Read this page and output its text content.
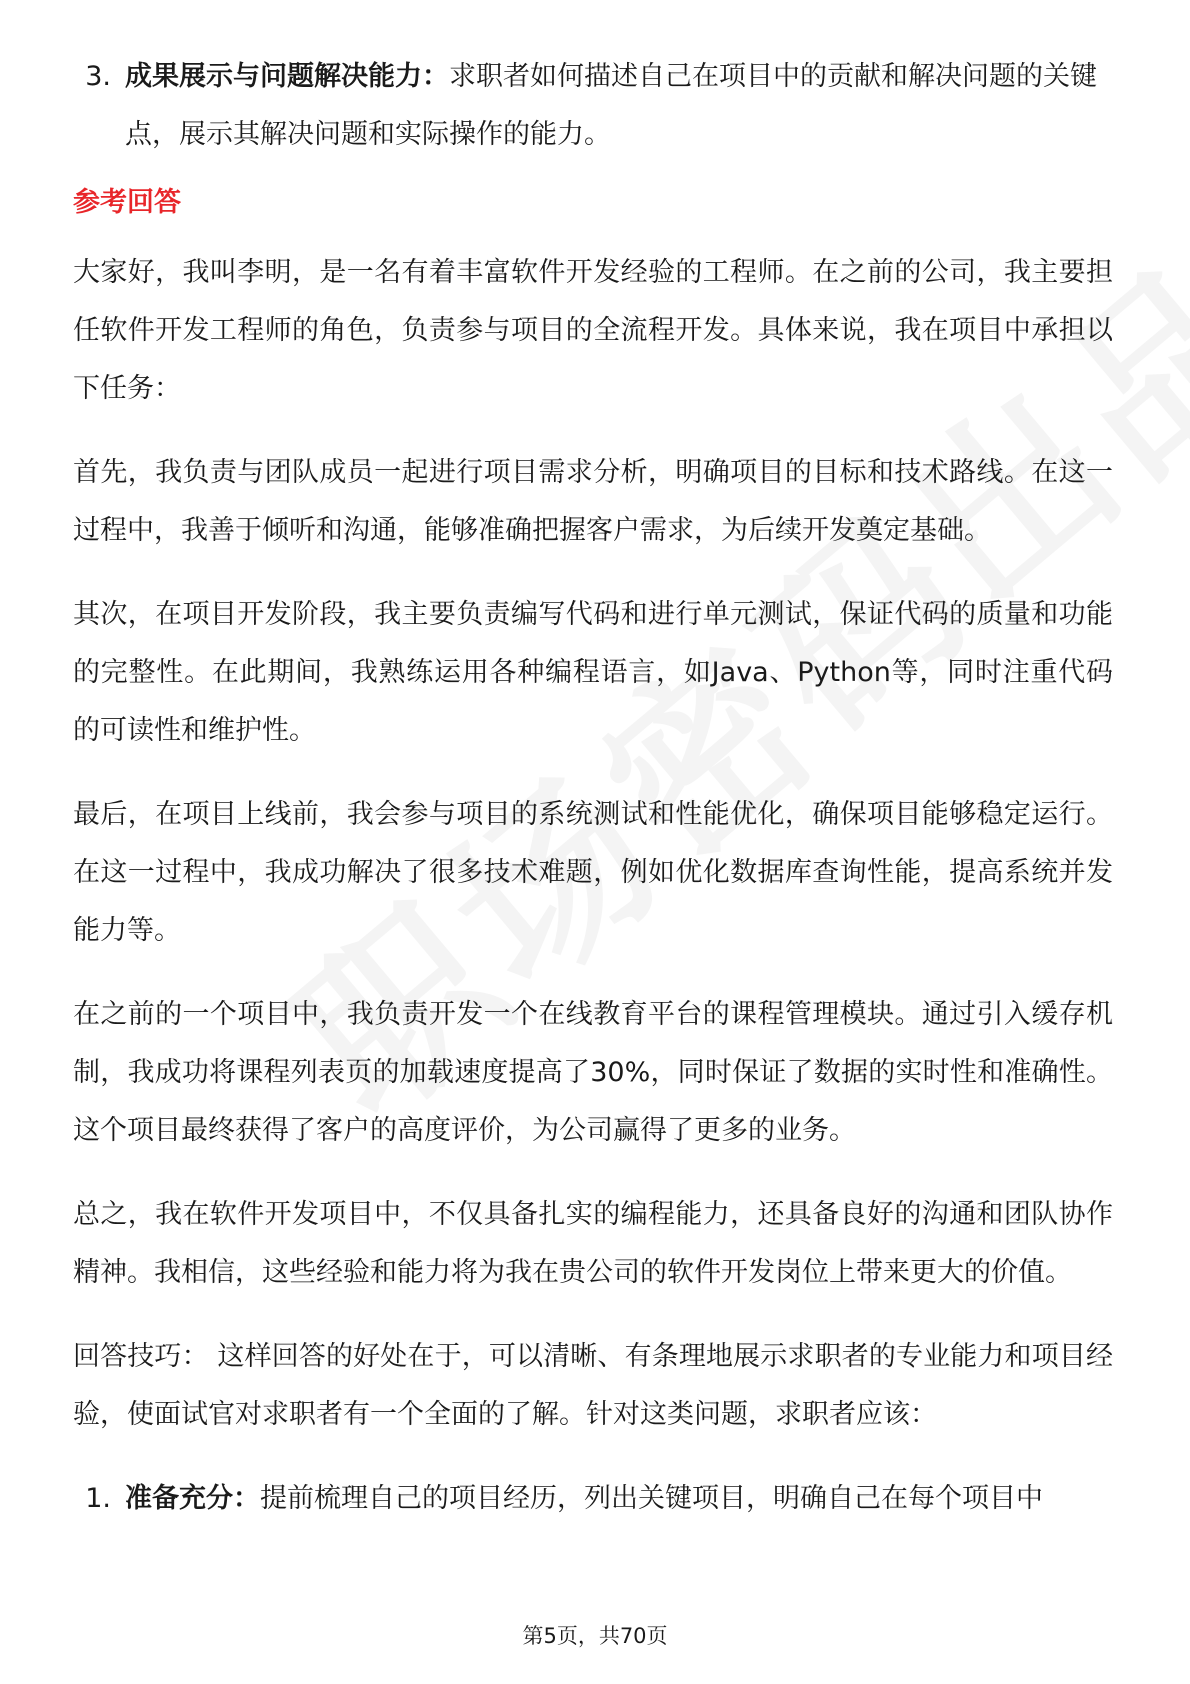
3. 成果展示与问题解决能力：求职者如何描述自己在项目中的贡献和解决问题的关键点，展示其解决问题和实际操作的能力。
参考回答

大家好，我叫李明，是一名有着丰富软件开发经验的工程师。在之前的公司，我主要担任软件开发工程师的角色，负责参与项目的全流程开发。具体来说，我在项目中承担以下任务：

首先，我负责与团队成员一起进行项目需求分析，明确项目的目标和技术路线。在这一过程中，我善于倾听和沟通，能够准确把握客户需求，为后续开发奠定基础。

其次，在项目开发阶段，我主要负责编写代码和进行单元测试，保证代码的质量和功能的完整性。在此期间，我熟练运用各种编程语言，如Java、Python等，同时注重代码的可读性和维护性。

最后，在项目上线前，我会参与项目的系统测试和性能优化，确保项目能够稳定运行。在这一过程中，我成功解决了很多技术难题，例如优化数据库查询性能，提高系统并发能力等。

在之前的一个项目中，我负责开发一个在线教育平台的课程管理模块。通过引入缓存机制，我成功将课程列表页的加载速度提高了30%，同时保证了数据的实时性和准确性。这个项目最终获得了客户的高度评价，为公司赢得了更多的业务。

总之，我在软件开发项目中，不仅具备扎实的编程能力，还具备良好的沟通和团队协作精神。我相信，这些经验和能力将为我在贵公司的软件开发岗位上带来更大的价值。

回答技巧： 这样回答的好处在于，可以清晰、有条理地展示求职者的专业能力和项目经验，使面试官对求职者有一个全面的了解。针对这类问题，求职者应该：

1. 准备充分：提前梳理自己的项目经历，列出关键项目，明确自己在每个项目中
第5页，共70页
